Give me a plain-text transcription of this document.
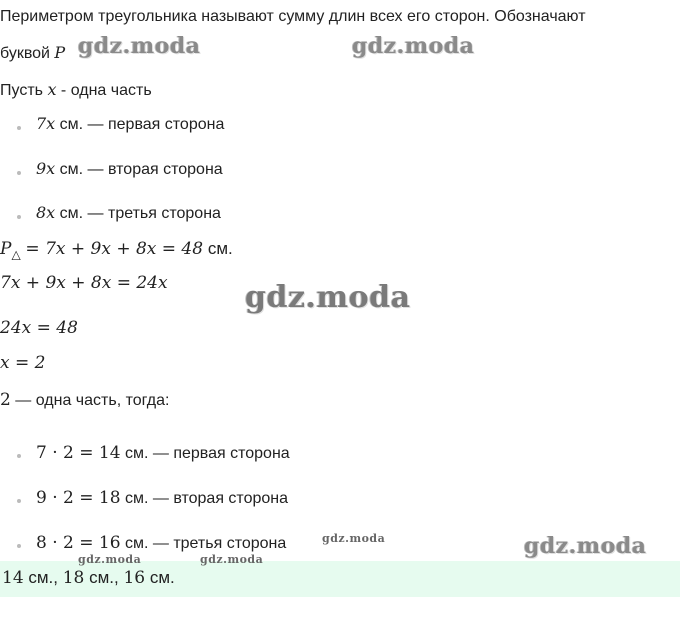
Периметром треугольника называют сумму длин всех его сторон. Обозначают
буквой P
Пусть x - одна часть
7x см. — первая сторона
9x см. — вторая сторона
8x см. — третья сторона
$P_\triangle = 7x + 9x + 8x = 48$ см.
7x + 9x + 8x = 24x
24x = 48
x = 2
2 — одна часть, тогда:
7 · 2 = 14 см. — первая сторона
9 · 2 = 18 см. — вторая сторона
8 · 2 = 16 см. — третья сторона
14 см., 18 см., 16 см.
gdz.moda	gdz.moda
gdz.moda
gdz.moda	gdz.moda
gdz.moda	gdz.moda
